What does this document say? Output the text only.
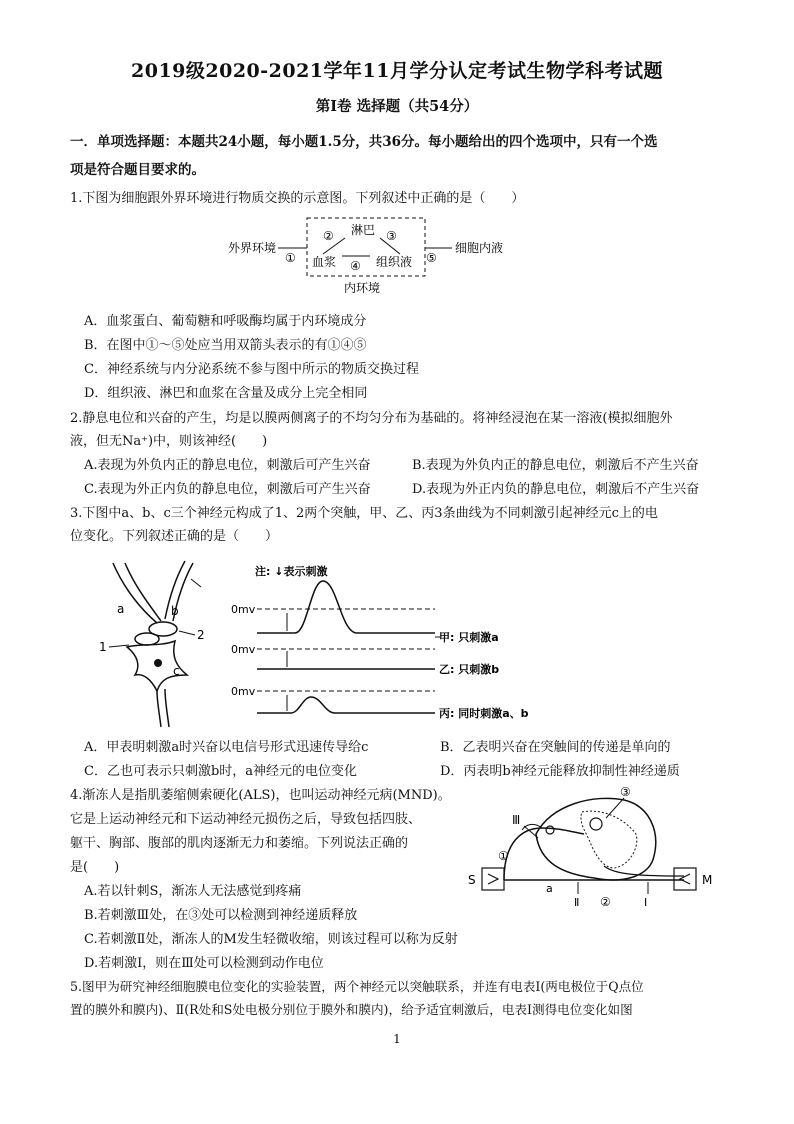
2019级2020-2021学年11月学分认定考试生物学科考试题
第Ⅰ卷 选择题（共54分）
一．单项选择题：本题共24小题，每小题1.5分，共36分。每小题给出的四个选项中，只有一个选
项是符合题目要求的。
1.下图为细胞跟外界环境进行物质交换的示意图。下列叙述中正确的是（　　）
外界环境
①
淋巴
②	③
血浆 ④ 组织液 ⑤
细胞内液
内环境
A．血浆蛋白、葡萄糖和呼吸酶均属于内环境成分
B．在图中①～⑤处应当用双箭头表示的有①④⑤
C．神经系统与内分泌系统不参与图中所示的物质交换过程
D．组织液、淋巴和血浆在含量及成分上完全相同
2.静息电位和兴奋的产生，均是以膜两侧离子的不均匀分布为基础的。将神经浸泡在某一溶液(模拟细胞外
液，但无Na⁺)中，则该神经(　　)
A.表现为外负内正的静息电位，刺激后可产生兴奋	B.表现为外负内正的静息电位，刺激后不产生兴奋
C.表现为外正内负的静息电位，刺激后可产生兴奋	D.表现为外正内负的静息电位，刺激后不产生兴奋
3.下图中a、b、c三个神经元构成了1、2两个突触，甲、乙、丙3条曲线为不同刺激引起神经元c上的电
位变化。下列叙述正确的是（　　）
a	b
2
1
c
注: ↓表示刺激
0mv
甲: 只刺激a
0mv
乙: 只刺激b
0mv
丙: 同时刺激a、b
A．甲表明刺激a时兴奋以电信号形式迅速传导给c	B．乙表明兴奋在突触间的传递是单向的
C．乙也可表示只刺激b时，a神经元的电位变化	D．丙表明b神经元能释放抑制性神经递质
4.渐冻人是指肌萎缩侧索硬化(ALS)，也叫运动神经元病(MND)。
它是上运动神经元和下运动神经元损伤之后，导致包括四肢、
躯干、胸部、腹部的肌肉逐渐无力和萎缩。下列说法正确的
是(　　)
③
Ⅲ
①
S	M
a
Ⅱ ②	Ⅰ
A.若以针刺S，渐冻人无法感觉到疼痛
B.若刺激Ⅲ处，在③处可以检测到神经递质释放
C.若刺激Ⅱ处，渐冻人的M发生轻微收缩，则该过程可以称为反射
D.若刺激Ⅰ，则在Ⅲ处可以检测到动作电位
5.图甲为研究神经细胞膜电位变化的实验装置，两个神经元以突触联系，并连有电表Ⅰ(两电极位于Q点位
置的膜外和膜内)、Ⅱ(R处和S处电极分别位于膜外和膜内)，给予适宜刺激后，电表Ⅰ测得电位变化如图
1
